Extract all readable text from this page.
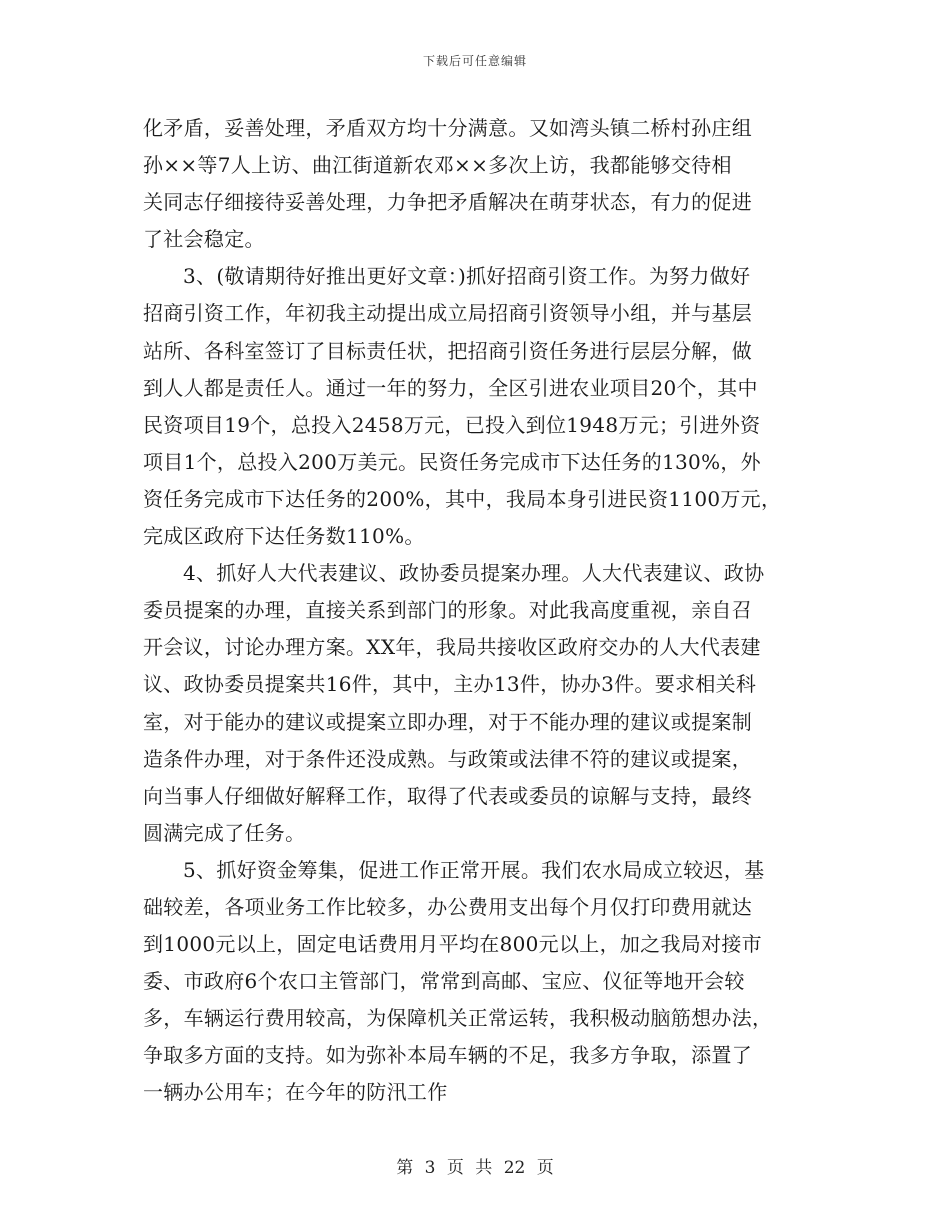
下载后可任意编辑
化矛盾，妥善处理，矛盾双方均十分满意。又如湾头镇二桥村孙庄组
孙××等7人上访、曲江街道新农邓××多次上访，我都能够交待相
关同志仔细接待妥善处理，力争把矛盾解决在萌芽状态，有力的促进
了社会稳定。
3、(敬请期待好推出更好文章：)抓好招商引资工作。为努力做好
招商引资工作，年初我主动提出成立局招商引资领导小组，并与基层
站所、各科室签订了目标责任状，把招商引资任务进行层层分解，做
到人人都是责任人。通过一年的努力，全区引进农业项目20个，其中
民资项目19个，总投入2458万元，已投入到位1948万元；引进外资
项目1个，总投入200万美元。民资任务完成市下达任务的130%，外
资任务完成市下达任务的200%，其中，我局本身引进民资1100万元，
完成区政府下达任务数110%。
4、抓好人大代表建议、政协委员提案办理。人大代表建议、政协
委员提案的办理，直接关系到部门的形象。对此我高度重视，亲自召
开会议，讨论办理方案。XX年，我局共接收区政府交办的人大代表建
议、政协委员提案共16件，其中，主办13件，协办3件。要求相关科
室，对于能办的建议或提案立即办理，对于不能办理的建议或提案制
造条件办理，对于条件还没成熟。与政策或法律不符的建议或提案，
向当事人仔细做好解释工作，取得了代表或委员的谅解与支持，最终
圆满完成了任务。
5、抓好资金筹集，促进工作正常开展。我们农水局成立较迟，基
础较差，各项业务工作比较多，办公费用支出每个月仅打印费用就达
到1000元以上，固定电话费用月平均在800元以上，加之我局对接市
委、市政府6个农口主管部门，常常到高邮、宝应、仪征等地开会较
多，车辆运行费用较高，为保障机关正常运转，我积极动脑筋想办法，
争取多方面的支持。如为弥补本局车辆的不足，我多方争取，添置了
一辆办公用车；在今年的防汛工作
第 3 页 共 22 页
